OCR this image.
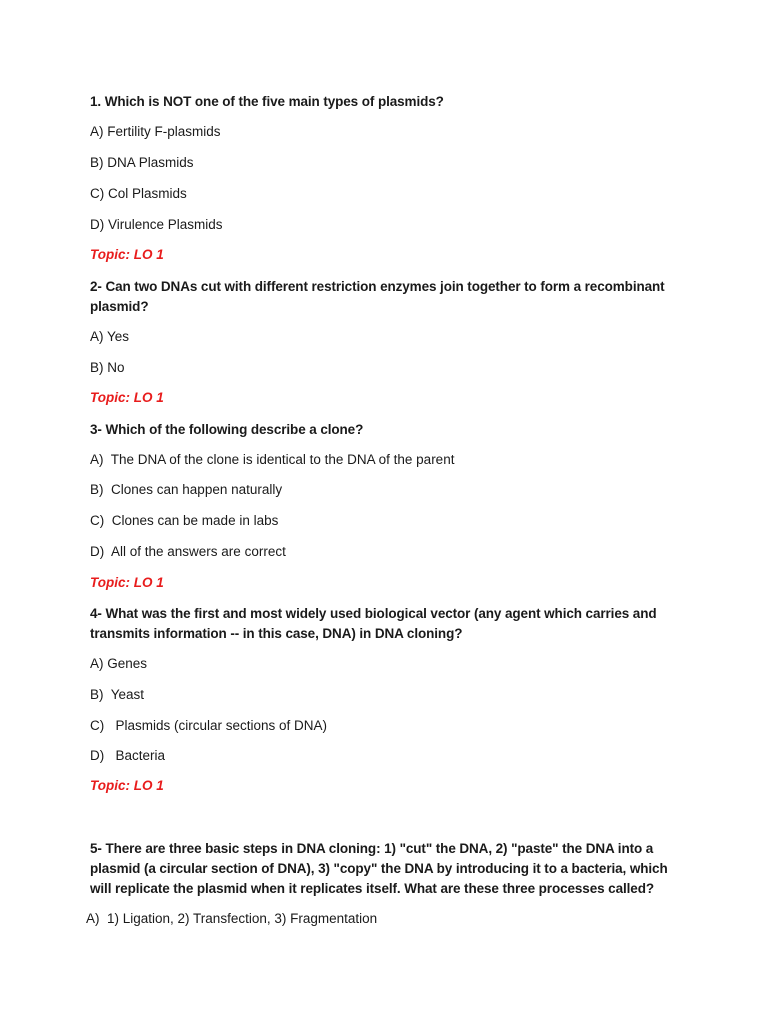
1. Which is NOT one of the five main types of plasmids?
A) Fertility F-plasmids
B) DNA Plasmids
C) Col Plasmids
D) Virulence Plasmids
Topic: LO 1
2- Can two DNAs cut with different restriction enzymes join together to form a recombinant plasmid?
A) Yes
B) No
Topic: LO 1
3- Which of the following describe a clone?
A)  The DNA of the clone is identical to the DNA of the parent
B)  Clones can happen naturally
C)  Clones can be made in labs
D)  All of the answers are correct
Topic: LO 1
4- What was the first and most widely used biological vector (any agent which carries and transmits information -- in this case, DNA) in DNA cloning?
A) Genes
B)  Yeast
C)   Plasmids (circular sections of DNA)
D)   Bacteria
Topic: LO 1
5- There are three basic steps in DNA cloning: 1) "cut" the DNA, 2) "paste" the DNA into a plasmid (a circular section of DNA), 3) "copy" the DNA by introducing it to a bacteria, which will replicate the plasmid when it replicates itself. What are these three processes called?
A)  1) Ligation, 2) Transfection, 3) Fragmentation
